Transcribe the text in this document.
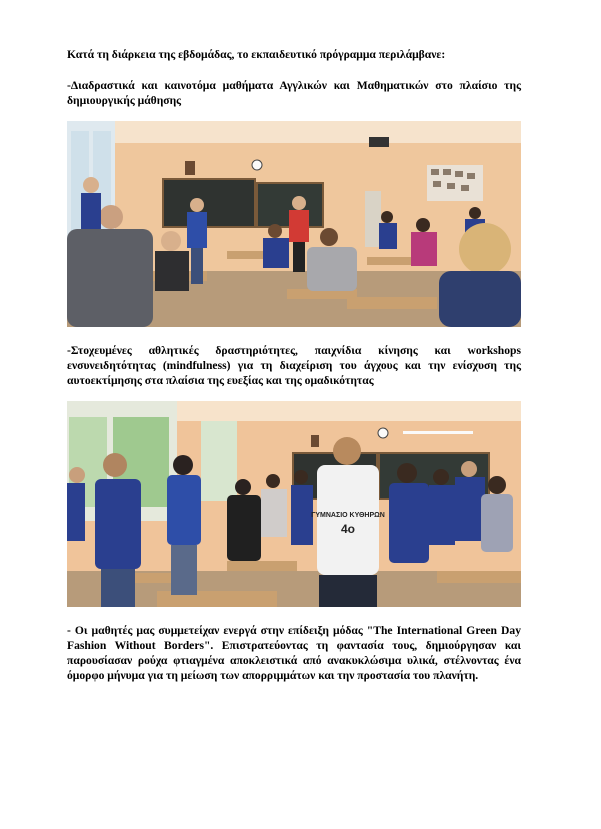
Κατά τη διάρκεια της εβδομάδας, το εκπαιδευτικό πρόγραμμα περιλάμβανε:

-Διαδραστικά και καινοτόμα μαθήματα Αγγλικών και Μαθηματικών στο πλαίσιο της δημιουργικής μάθησης

-Στοχευμένες αθλητικές δραστηριότητες, παιχνίδια κίνησης και workshops ενσυνειδητότητας (mindfulness) για τη διαχείριση του άγχους και την ενίσχυση της αυτοεκτίμησης στα πλαίσια της ευεξίας και της ομαδικότητας

ΓΥΜΝΑΣΙΟ ΚΥΘΗΡΩΝ
4ο

- Οι μαθητές μας συμμετείχαν ενεργά στην επίδειξη μόδας "The International Green Day Fashion Without Borders". Επιστρατεύοντας τη φαντασία τους, δημιούργησαν και παρουσίασαν ρούχα φτιαγμένα αποκλειστικά από ανακυκλώσιμα υλικά, στέλνοντας ένα όμορφο μήνυμα για τη μείωση των απορριμμάτων και την προστασία του πλανήτη.
